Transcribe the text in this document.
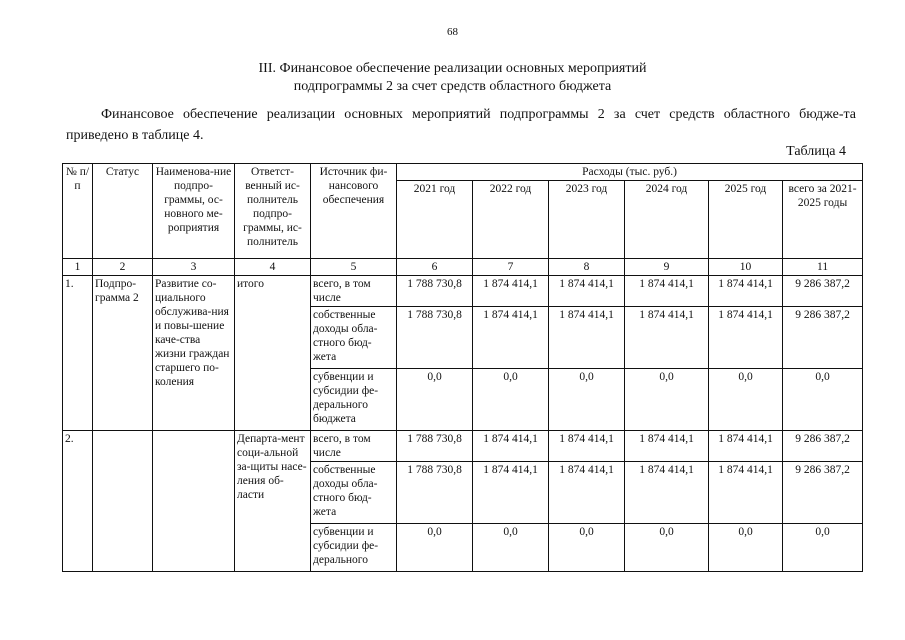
68
III. Финансовое обеспечение реализации основных мероприятий
подпрограммы 2 за счет средств областного бюджета
Финансовое обеспечение реализации основных мероприятий подпрограммы 2 за счет средств областного бюдже-та приведено в таблице 4.
Таблица 4
№ п/п	Статус	Наименова-ние подпро-граммы, ос-новного ме-роприятия	Ответст-венный ис-полнитель подпро-граммы, ис-полнитель	Источник фи-нансового обеспечения	Расходы (тыс. руб.)					
					2021 год	2022 год	2023 год	2024 год	2025 год	всего за 2021-2025 годы
1	2	3	4	5	6	7	8	9	10	11
1.	Подпро-грамма 2	Развитие со-циального обслужива-ния и повы-шение каче-ства жизни граждан старшего по-коления	итого	всего, в том числе	1 788 730,8	1 874 414,1	1 874 414,1	1 874 414,1	1 874 414,1	9 286 387,2
				собственные доходы обла-стного бюд-жета	1 788 730,8	1 874 414,1	1 874 414,1	1 874 414,1	1 874 414,1	9 286 387,2
				субвенции и субсидии фе-дерального бюджета	0,0	0,0	0,0	0,0	0,0	0,0
2.			Департа-мент соци-альной за-щиты насе-ления об-ласти	всего, в том числе	1 788 730,8	1 874 414,1	1 874 414,1	1 874 414,1	1 874 414,1	9 286 387,2
				собственные доходы обла-стного бюд-жета	1 788 730,8	1 874 414,1	1 874 414,1	1 874 414,1	1 874 414,1	9 286 387,2
				субвенции и субсидии фе-дерального	0,0	0,0	0,0	0,0	0,0	0,0
